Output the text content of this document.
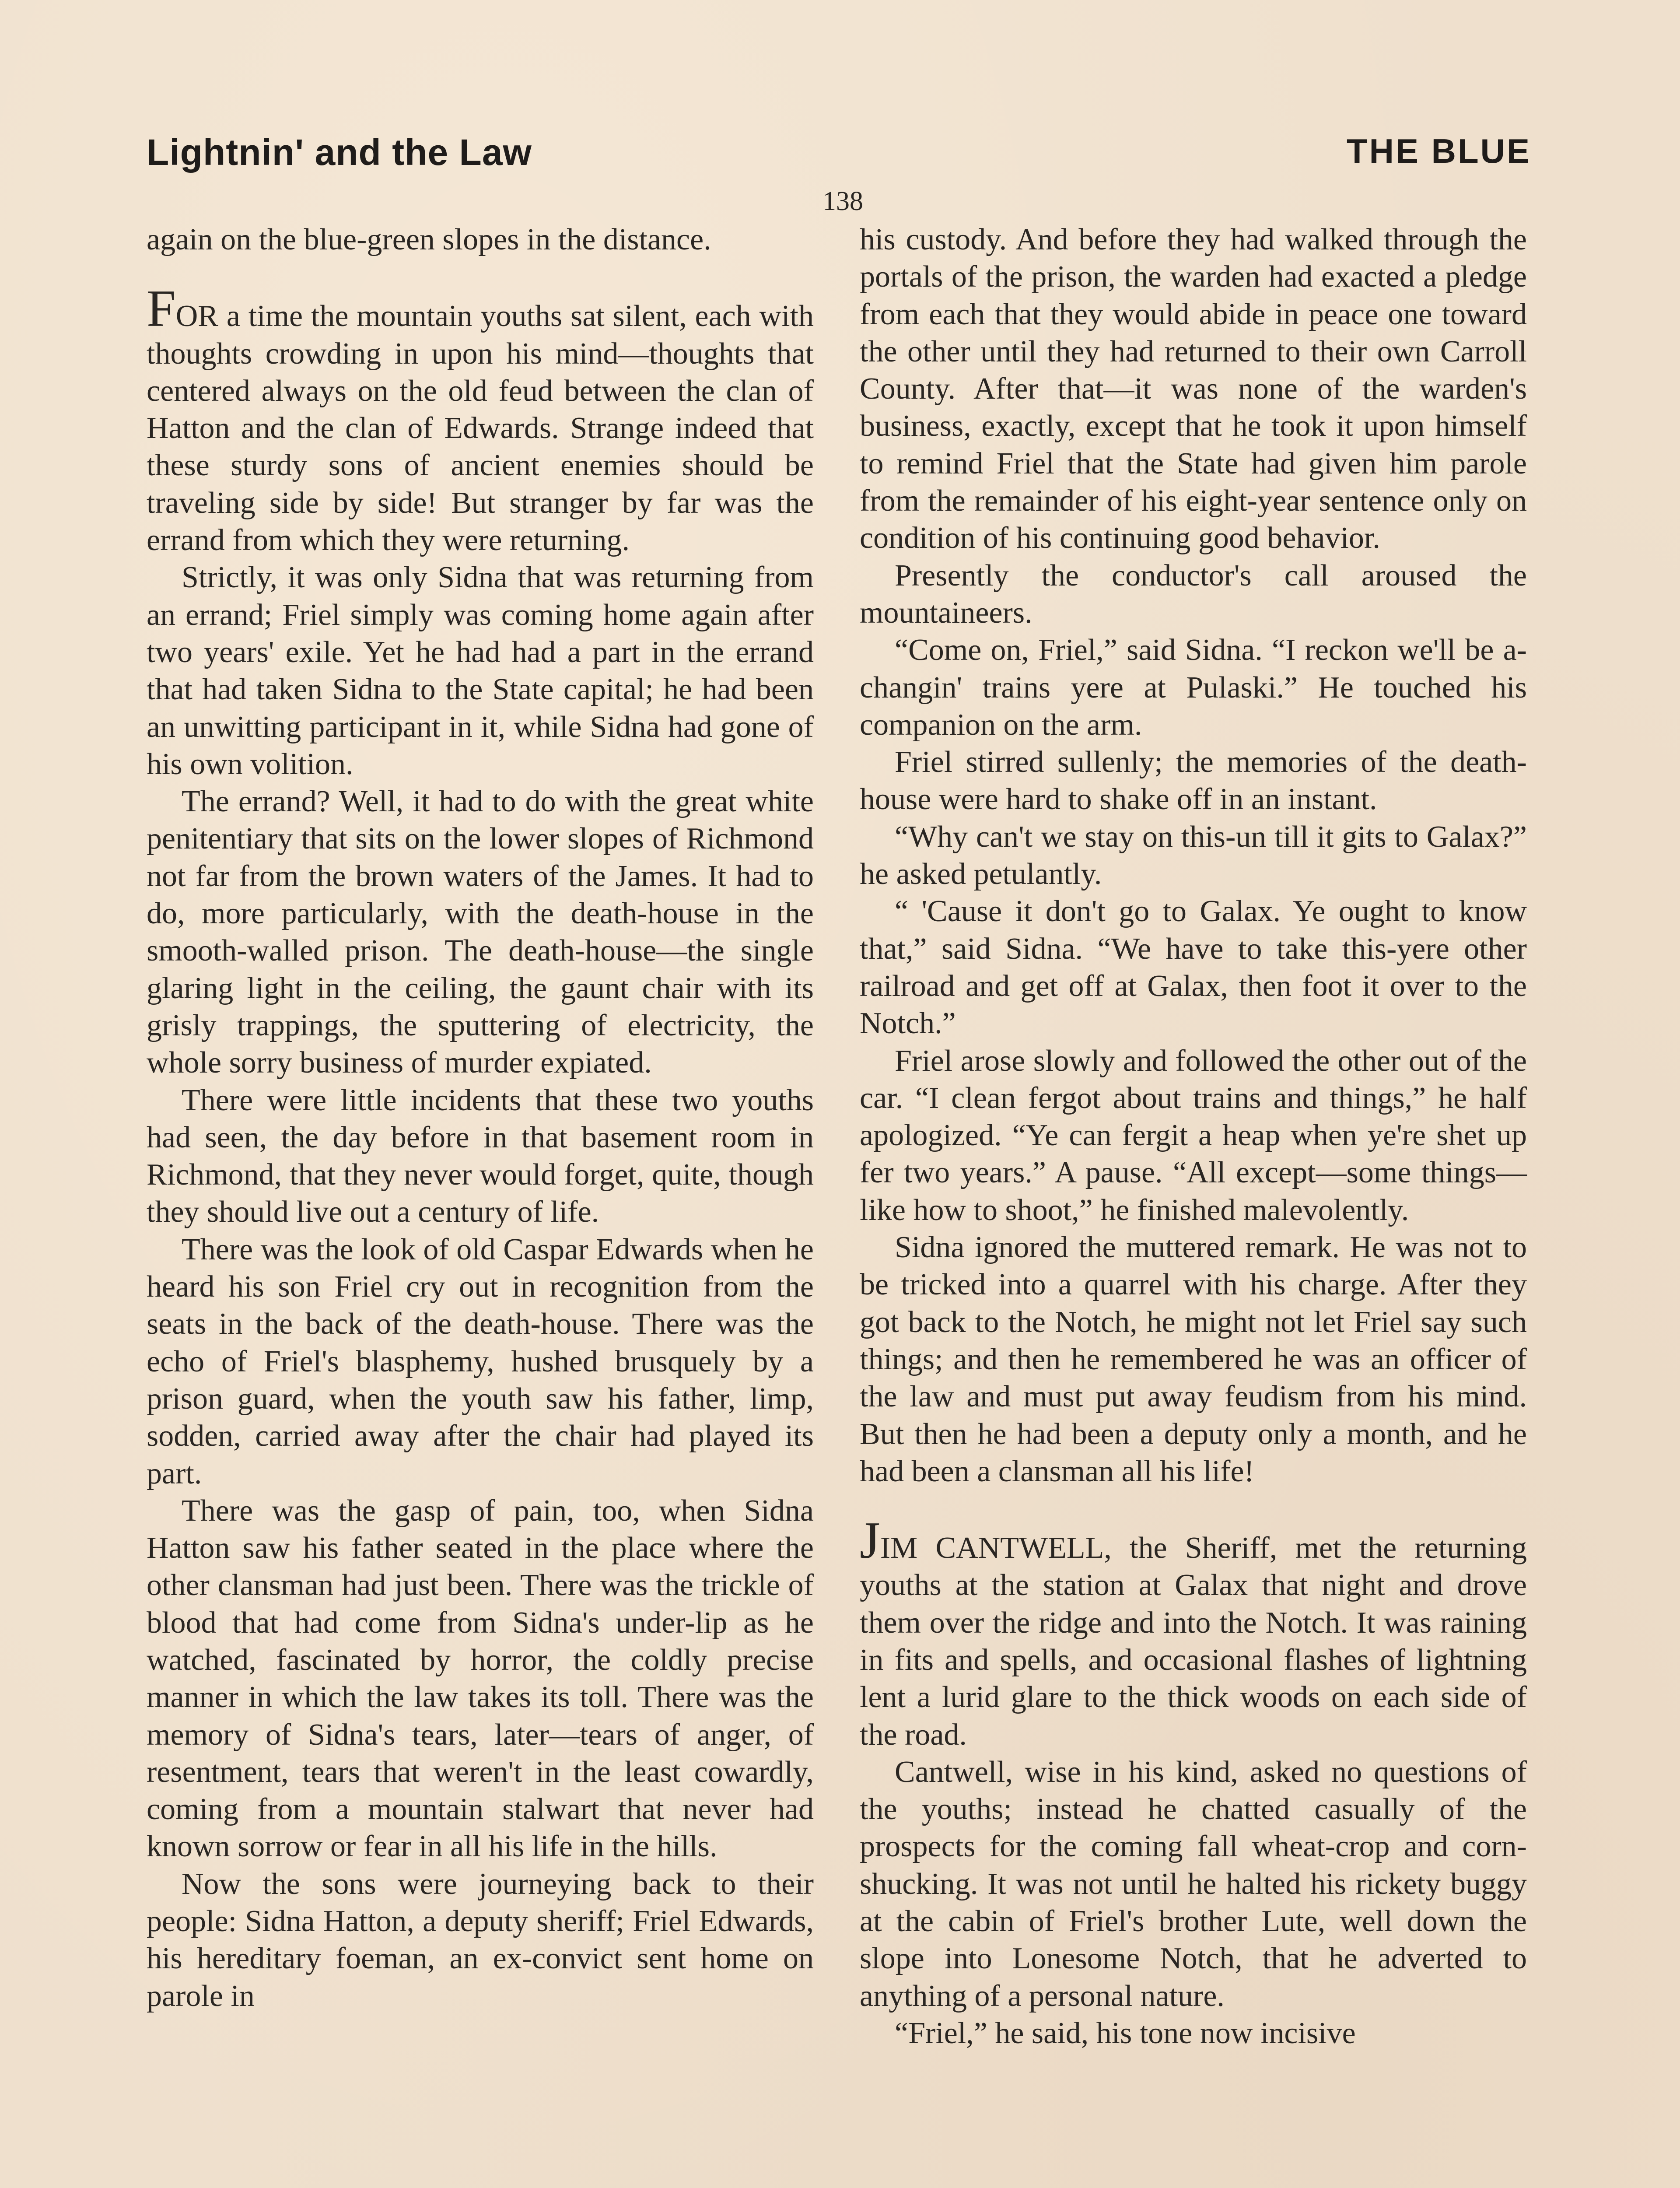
Lightnin' and the Law	THE BLUE
138

again on the blue-green slopes in the distance.

FOR a time the mountain youths sat silent, each with thoughts crowding in upon his mind—thoughts that centered always on the old feud between the clan of Hatton and the clan of Edwards. Strange indeed that these sturdy sons of ancient enemies should be traveling side by side! But stranger by far was the errand from which they were returning.

Strictly, it was only Sidna that was returning from an errand; Friel simply was coming home again after two years' exile. Yet he had had a part in the errand that had taken Sidna to the State capital; he had been an unwitting participant in it, while Sidna had gone of his own volition.

The errand? Well, it had to do with the great white penitentiary that sits on the lower slopes of Richmond not far from the brown waters of the James. It had to do, more particularly, with the death-house in the smooth-walled prison. The death-house—the single glaring light in the ceiling, the gaunt chair with its grisly trappings, the sputtering of electricity, the whole sorry business of murder expiated.

There were little incidents that these two youths had seen, the day before in that basement room in Richmond, that they never would forget, quite, though they should live out a century of life.

There was the look of old Caspar Edwards when he heard his son Friel cry out in recognition from the seats in the back of the death-house. There was the echo of Friel's blasphemy, hushed brusquely by a prison guard, when the youth saw his father, limp, sodden, carried away after the chair had played its part.

There was the gasp of pain, too, when Sidna Hatton saw his father seated in the place where the other clansman had just been. There was the trickle of blood that had come from Sidna's under-lip as he watched, fascinated by horror, the coldly precise manner in which the law takes its toll. There was the memory of Sidna's tears, later—tears of anger, of resentment, tears that weren't in the least cowardly, coming from a mountain stalwart that never had known sorrow or fear in all his life in the hills.

Now the sons were journeying back to their people: Sidna Hatton, a deputy sheriff; Friel Edwards, his hereditary foeman, an ex-convict sent home on parole in

his custody. And before they had walked through the portals of the prison, the warden had exacted a pledge from each that they would abide in peace one toward the other until they had returned to their own Carroll County. After that—it was none of the warden's business, exactly, except that he took it upon himself to remind Friel that the State had given him parole from the remainder of his eight-year sentence only on condition of his continuing good behavior.

Presently the conductor's call aroused the mountaineers.

“Come on, Friel,” said Sidna. “I reckon we'll be a-changin' trains yere at Pulaski.” He touched his companion on the arm.

Friel stirred sullenly; the memories of the death-house were hard to shake off in an instant.

“Why can't we stay on this-un till it gits to Galax?” he asked petulantly.

“ 'Cause it don't go to Galax. Ye ought to know that,” said Sidna. “We have to take this-yere other railroad and get off at Galax, then foot it over to the Notch.”

Friel arose slowly and followed the other out of the car. “I clean fergot about trains and things,” he half apologized. “Ye can fergit a heap when ye're shet up fer two years.” A pause. “All except—some things—like how to shoot,” he finished malevolently.

Sidna ignored the muttered remark. He was not to be tricked into a quarrel with his charge. After they got back to the Notch, he might not let Friel say such things; and then he remembered he was an officer of the law and must put away feudism from his mind. But then he had been a deputy only a month, and he had been a clansman all his life!

JIM CANTWELL, the Sheriff, met the returning youths at the station at Galax that night and drove them over the ridge and into the Notch. It was raining in fits and spells, and occasional flashes of lightning lent a lurid glare to the thick woods on each side of the road.

Cantwell, wise in his kind, asked no questions of the youths; instead he chatted casually of the prospects for the coming fall wheat-crop and corn-shucking. It was not until he halted his rickety buggy at the cabin of Friel's brother Lute, well down the slope into Lonesome Notch, that he adverted to anything of a personal nature.

“Friel,” he said, his tone now incisive
